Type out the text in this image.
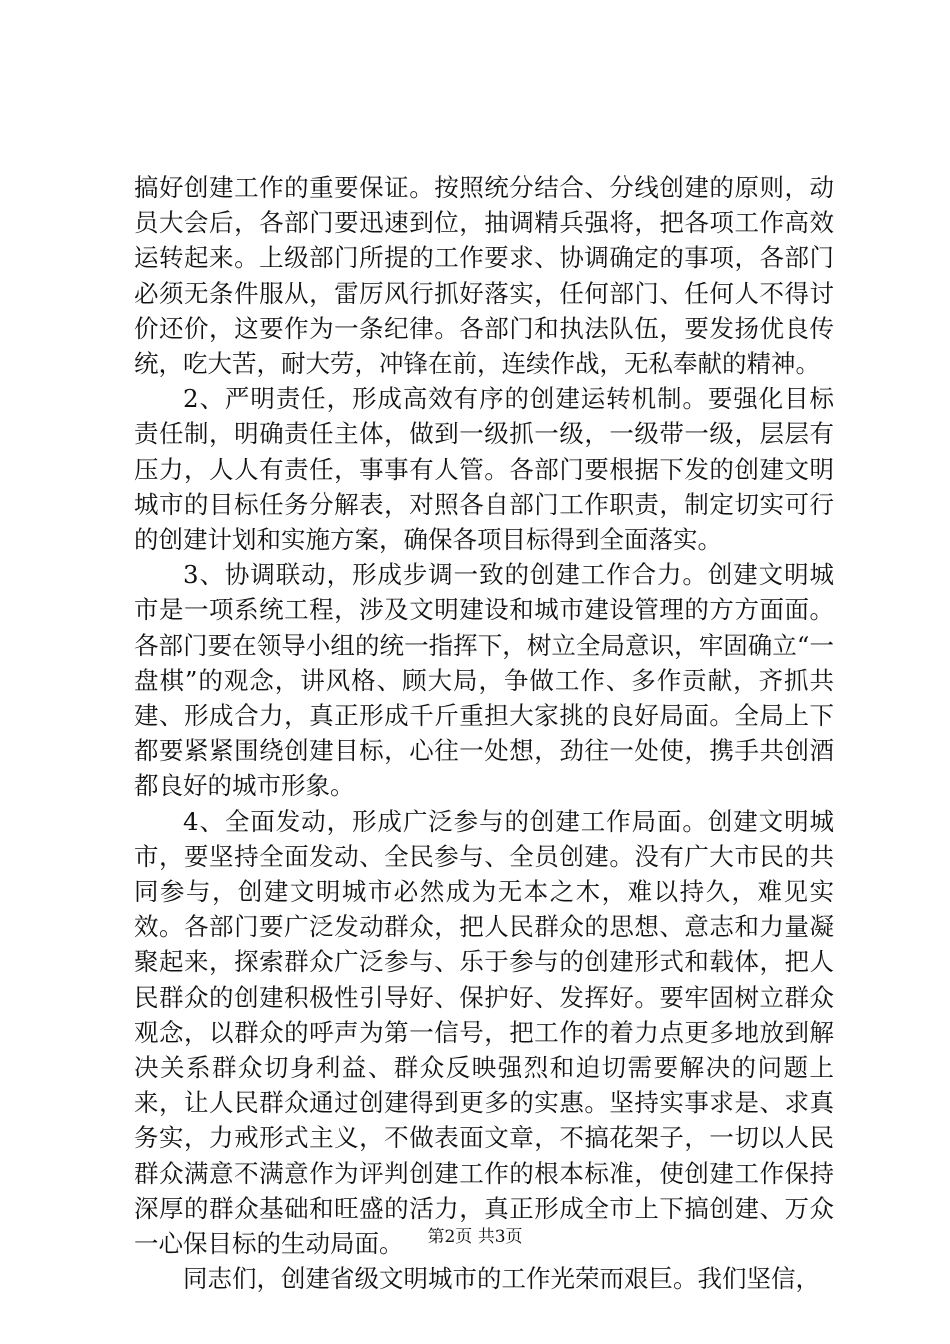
搞好创建工作的重要保证。按照统分结合、分线创建的原则，动员大会后，各部门要迅速到位，抽调精兵强将，把各项工作高效运转起来。上级部门所提的工作要求、协调确定的事项，各部门必须无条件服从，雷厉风行抓好落实，任何部门、任何人不得讨价还价，这要作为一条纪律。各部门和执法队伍，要发扬优良传统，吃大苦，耐大劳，冲锋在前，连续作战，无私奉献的精神。

2、严明责任，形成高效有序的创建运转机制。要强化目标责任制，明确责任主体，做到一级抓一级，一级带一级，层层有压力，人人有责任，事事有人管。各部门要根据下发的创建文明城市的目标任务分解表，对照各自部门工作职责，制定切实可行的创建计划和实施方案，确保各项目标得到全面落实。

3、协调联动，形成步调一致的创建工作合力。创建文明城市是一项系统工程，涉及文明建设和城市建设管理的方方面面。各部门要在领导小组的统一指挥下，树立全局意识，牢固确立“一盘棋”的观念，讲风格、顾大局，争做工作、多作贡献，齐抓共建、形成合力，真正形成千斤重担大家挑的良好局面。全局上下都要紧紧围绕创建目标，心往一处想，劲往一处使，携手共创酒都良好的城市形象。

4、全面发动，形成广泛参与的创建工作局面。创建文明城市，要坚持全面发动、全民参与、全员创建。没有广大市民的共同参与，创建文明城市必然成为无本之木，难以持久，难见实效。各部门要广泛发动群众，把人民群众的思想、意志和力量凝聚起来，探索群众广泛参与、乐于参与的创建形式和载体，把人民群众的创建积极性引导好、保护好、发挥好。要牢固树立群众观念，以群众的呼声为第一信号，把工作的着力点更多地放到解决关系群众切身利益、群众反映强烈和迫切需要解决的问题上来，让人民群众通过创建得到更多的实惠。坚持实事求是、求真务实，力戒形式主义，不做表面文章，不搞花架子，一切以人民群众满意不满意作为评判创建工作的根本标准，使创建工作保持深厚的群众基础和旺盛的活力，真正形成全市上下搞创建、万众一心保目标的生动局面。

同志们，创建省级文明城市的工作光荣而艰巨。我们坚信，

第2页 共3页
